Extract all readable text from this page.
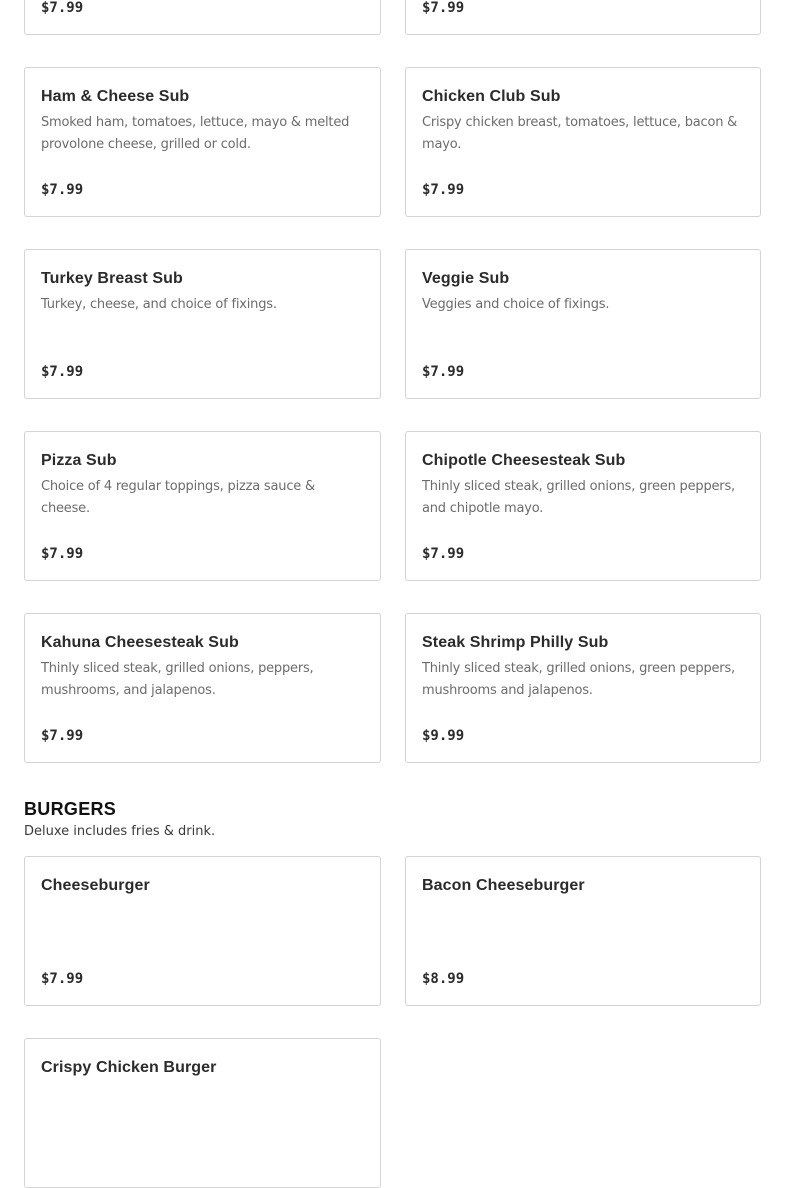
$7.99	$7.99
Ham & Cheese Sub
Smoked ham, tomatoes, lettuce, mayo & melted provolone cheese, grilled or cold.
$7.99
Chicken Club Sub
Crispy chicken breast, tomatoes, lettuce, bacon & mayo.
$7.99
Turkey Breast Sub
Turkey, cheese, and choice of fixings.
$7.99
Veggie Sub
Veggies and choice of fixings.
$7.99
Pizza Sub
Choice of 4 regular toppings, pizza sauce & cheese.
$7.99
Chipotle Cheesesteak Sub
Thinly sliced steak, grilled onions, green peppers, and chipotle mayo.
$7.99
Kahuna Cheesesteak Sub
Thinly sliced steak, grilled onions, peppers, mushrooms, and jalapenos.
$7.99
Steak Shrimp Philly Sub
Thinly sliced steak, grilled onions, green peppers, mushrooms and jalapenos.
$9.99
BURGERS
Deluxe includes fries & drink.
Cheeseburger
$7.99
Bacon Cheeseburger
$8.99
Crispy Chicken Burger
